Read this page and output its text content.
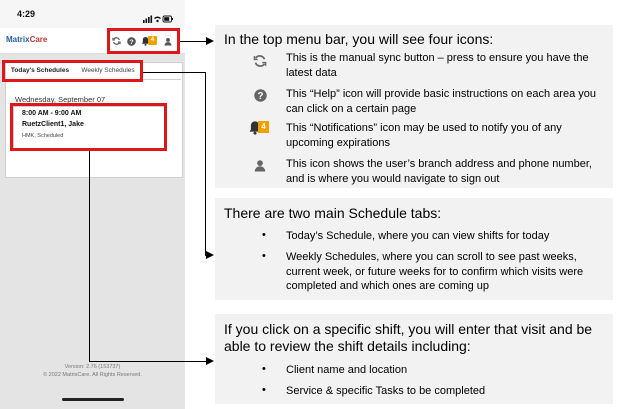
4:29
MatrixCare	?	4
Today's Schedules	Weekly Schedules
Wednesday, September 07
8:00 AM - 9:00 AM
RuetzClient1, Jake
HMK, Scheduled
Version: 2.76 (153737)
© 2022 MatrixCare. All Rights Reserved.
In the top menu bar, you will see four icons:
This is the manual sync button – press to ensure you have the latest data
? This “Help” icon will provide basic instructions on each area you can click on a certain page
4 This “Notifications” icon may be used to notify you of any upcoming expirations
This icon shows the user’s branch address and phone number, and is where you would navigate to sign out
There are two main Schedule tabs:
• Today’s Schedule, where you can view shifts for today
• Weekly Schedules, where you can scroll to see past weeks, current week, or future weeks for to confirm which visits were completed and which ones are coming up
If you click on a specific shift, you will enter that visit and be able to review the shift details including:
• Client name and location
• Service & specific Tasks to be completed
